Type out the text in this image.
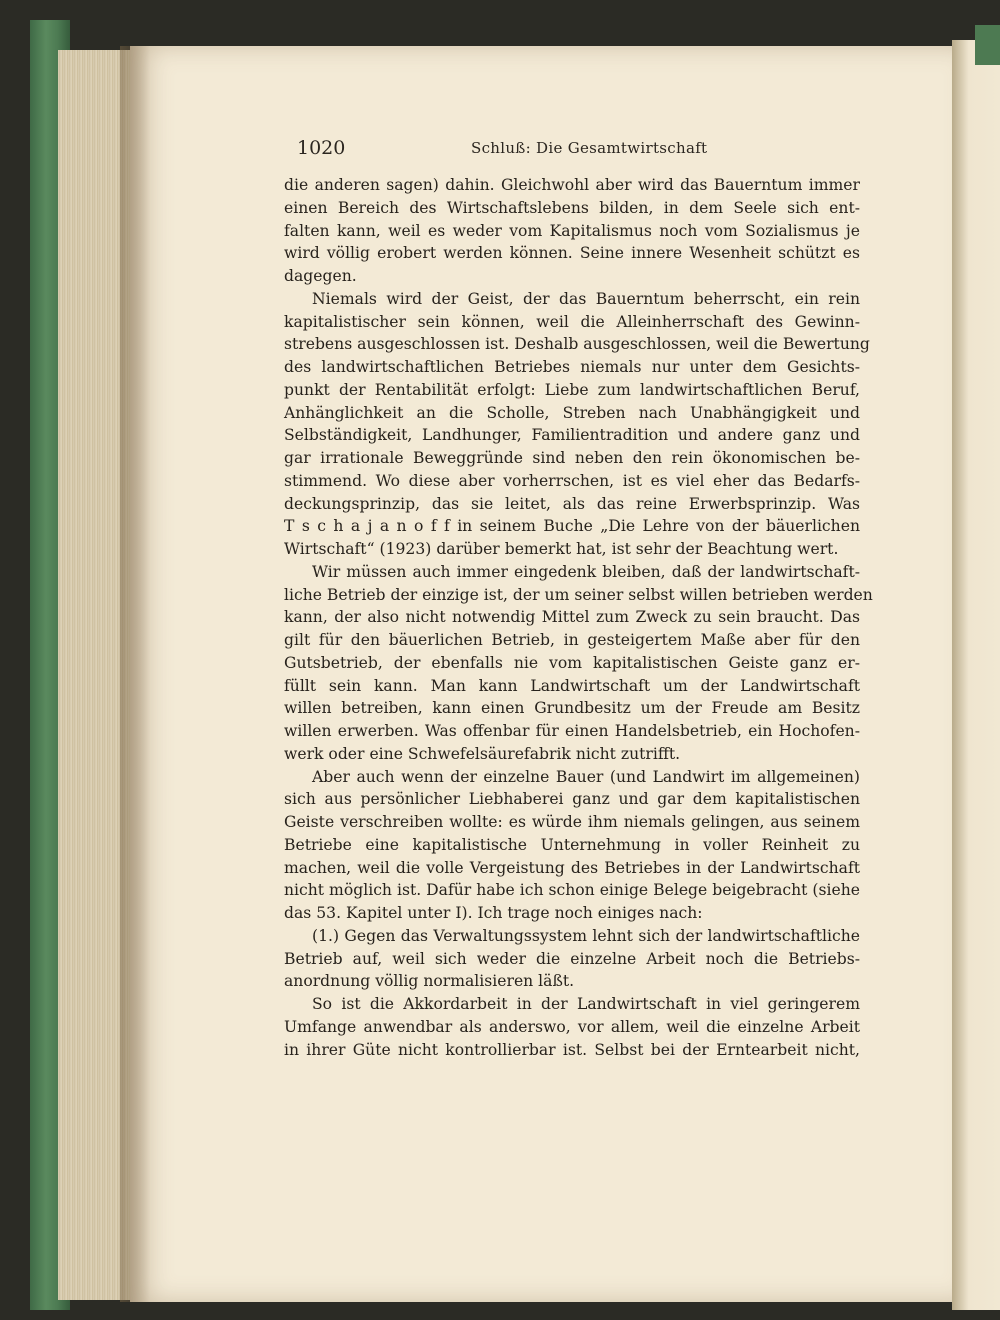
1020	Schluß: Die Gesamtwirtschaft
die anderen sagen) dahin. Gleichwohl aber wird das Bauerntum immer
einen Bereich des Wirtschaftslebens bilden, in dem Seele sich ent-
falten kann, weil es weder vom Kapitalismus noch vom Sozialismus je
wird völlig erobert werden können. Seine innere Wesenheit schützt es
dagegen.
Niemals wird der Geist, der das Bauerntum beherrscht, ein rein
kapitalistischer sein können, weil die Alleinherrschaft des Gewinn-
strebens ausgeschlossen ist. Deshalb ausgeschlossen, weil die Bewertung
des landwirtschaftlichen Betriebes niemals nur unter dem Gesichts-
punkt der Rentabilität erfolgt: Liebe zum landwirtschaftlichen Beruf,
Anhänglichkeit an die Scholle, Streben nach Unabhängigkeit und
Selbständigkeit, Landhunger, Familientradition und andere ganz und
gar irrationale Beweggründe sind neben den rein ökonomischen be-
stimmend. Wo diese aber vorherrschen, ist es viel eher das Bedarfs-
deckungsprinzip, das sie leitet, als das reine Erwerbsprinzip. Was
T s c h a j a n o f f in seinem Buche „Die Lehre von der bäuerlichen
Wirtschaft“ (1923) darüber bemerkt hat, ist sehr der Beachtung wert.
Wir müssen auch immer eingedenk bleiben, daß der landwirtschaft-
liche Betrieb der einzige ist, der um seiner selbst willen betrieben werden
kann, der also nicht notwendig Mittel zum Zweck zu sein braucht. Das
gilt für den bäuerlichen Betrieb, in gesteigertem Maße aber für den
Gutsbetrieb, der ebenfalls nie vom kapitalistischen Geiste ganz er-
füllt sein kann. Man kann Landwirtschaft um der Landwirtschaft
willen betreiben, kann einen Grundbesitz um der Freude am Besitz
willen erwerben. Was offenbar für einen Handelsbetrieb, ein Hochofen-
werk oder eine Schwefelsäurefabrik nicht zutrifft.
Aber auch wenn der einzelne Bauer (und Landwirt im allgemeinen)
sich aus persönlicher Liebhaberei ganz und gar dem kapitalistischen
Geiste verschreiben wollte: es würde ihm niemals gelingen, aus seinem
Betriebe eine kapitalistische Unternehmung in voller Reinheit zu
machen, weil die volle Vergeistung des Betriebes in der Landwirtschaft
nicht möglich ist. Dafür habe ich schon einige Belege beigebracht (siehe
das 53. Kapitel unter I). Ich trage noch einiges nach:
(1.) Gegen das Verwaltungssystem lehnt sich der landwirtschaftliche
Betrieb auf, weil sich weder die einzelne Arbeit noch die Betriebs-
anordnung völlig normalisieren läßt.
So ist die Akkordarbeit in der Landwirtschaft in viel geringerem
Umfange anwendbar als anderswo, vor allem, weil die einzelne Arbeit
in ihrer Güte nicht kontrollierbar ist. Selbst bei der Erntearbeit nicht,
